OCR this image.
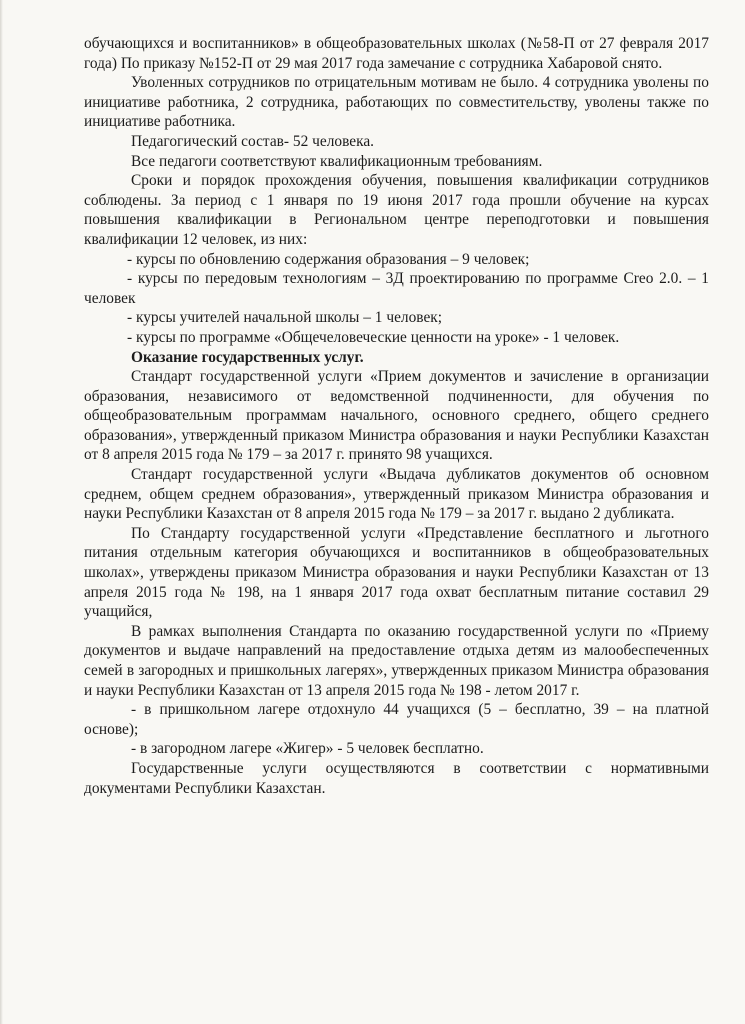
обучающихся и воспитанников» в общеобразовательных школах (№58-П от 27 февраля 2017 года) По приказу №152-П от 29 мая 2017 года замечание с сотрудника Хабаровой снято.

Уволенных сотрудников по отрицательным мотивам не было. 4 сотрудника уволены по инициативе работника, 2 сотрудника, работающих по совместительству, уволены также по инициативе работника.

Педагогический состав- 52 человека.

Все педагоги соответствуют квалификационным требованиям.

Сроки и порядок прохождения обучения, повышения квалификации сотрудников соблюдены. За период с 1 января по 19 июня 2017 года прошли обучение на курсах повышения квалификации в Региональном центре переподготовки и повышения квалификации 12 человек, из них:

- курсы по обновлению содержания образования – 9 человек;

- курсы по передовым технологиям – 3Д проектированию по программе Creo 2.0. – 1 человек

- курсы учителей начальной школы – 1 человек;

- курсы по программе «Общечеловеческие ценности на уроке» - 1 человек.

Оказание государственных услуг.

Стандарт государственной услуги «Прием документов и зачисление в организации образования, независимого от ведомственной подчиненности, для обучения по общеобразовательным программам начального, основного среднего, общего среднего образования», утвержденный приказом Министра образования и науки Республики Казахстан от 8 апреля 2015 года № 179 – за 2017 г. принято 98 учащихся.

Стандарт государственной услуги «Выдача дубликатов документов об основном среднем, общем среднем образования», утвержденный приказом Министра образования и науки Республики Казахстан от 8 апреля 2015 года № 179 – за 2017 г. выдано 2 дубликата.

По Стандарту государственной услуги «Представление бесплатного и льготного питания отдельным категория обучающихся и воспитанников в общеобразовательных школах», утверждены приказом Министра образования и науки Республики Казахстан от 13 апреля 2015 года № 198, на 1 января 2017 года охват бесплатным питание составил 29 учащийся,

В рамках выполнения Стандарта по оказанию государственной услуги по «Приему документов и выдаче направлений на предоставление отдыха детям из малообеспеченных семей в загородных и пришкольных лагерях», утвержденных приказом Министра образования и науки Республики Казахстан от 13 апреля 2015 года № 198 - летом 2017 г.

- в пришкольном лагере отдохнуло 44 учащихся (5 – бесплатно, 39 – на платной основе);

- в загородном лагере «Жигер» - 5 человек бесплатно.

Государственные услуги осуществляются в соответствии с нормативными документами Республики Казахстан.
